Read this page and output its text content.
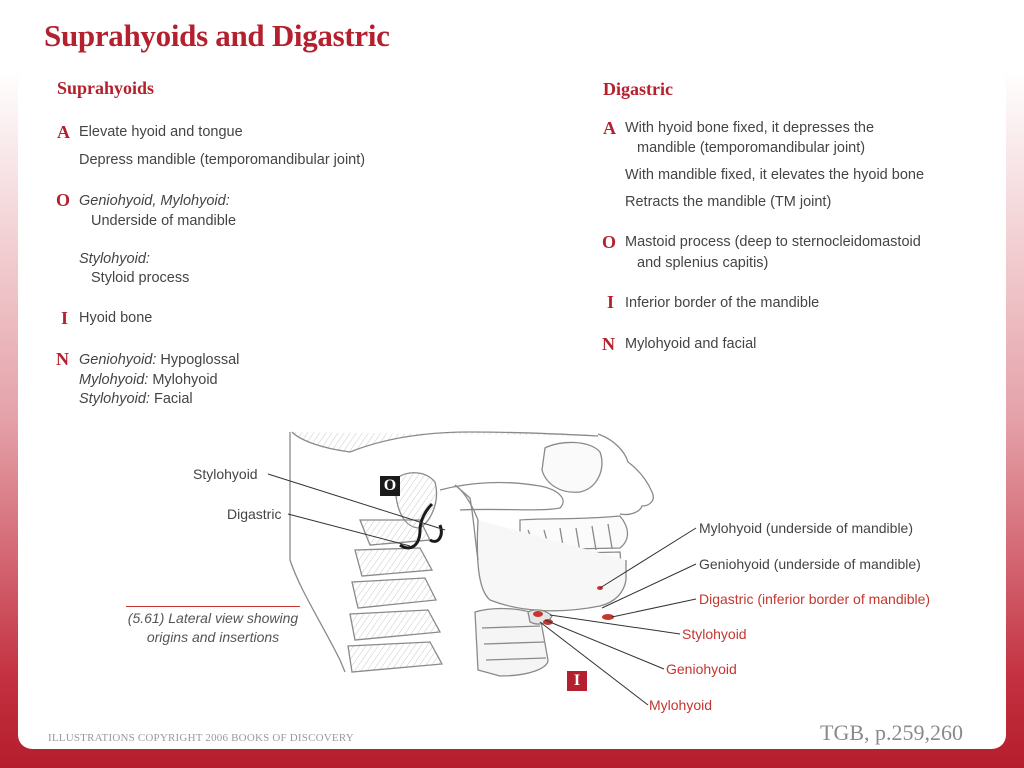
Suprahyoids and Digastric
Suprahyoids
A Elevate hyoid and tongue
Depress mandible (temporomandibular joint)
O Geniohyoid, Mylohyoid:
Underside of mandible
Stylohyoid:
Styloid process
I Hyoid bone
N Geniohyoid: Hypoglossal
Mylohyoid: Mylohyoid
Stylohyoid: Facial
Digastric
A With hyoid bone fixed, it depresses the
mandible (temporomandibular joint)
With mandible fixed, it elevates the hyoid bone
Retracts the mandible (TM joint)
O Mastoid process (deep to sternocleidomastoid
and splenius capitis)
I Inferior border of the mandible
N Mylohyoid and facial
Stylohyoid
Digastric
Mylohyoid (underside of mandible)
Geniohyoid (underside of mandible)
Digastric (inferior border of mandible)
Stylohyoid
Geniohyoid
Mylohyoid
O
I
(5.61) Lateral view showing
origins and insertions
ILLUSTRATIONS COPYRIGHT 2006 BOOKS OF DISCOVERY	TGB, p.259,260
